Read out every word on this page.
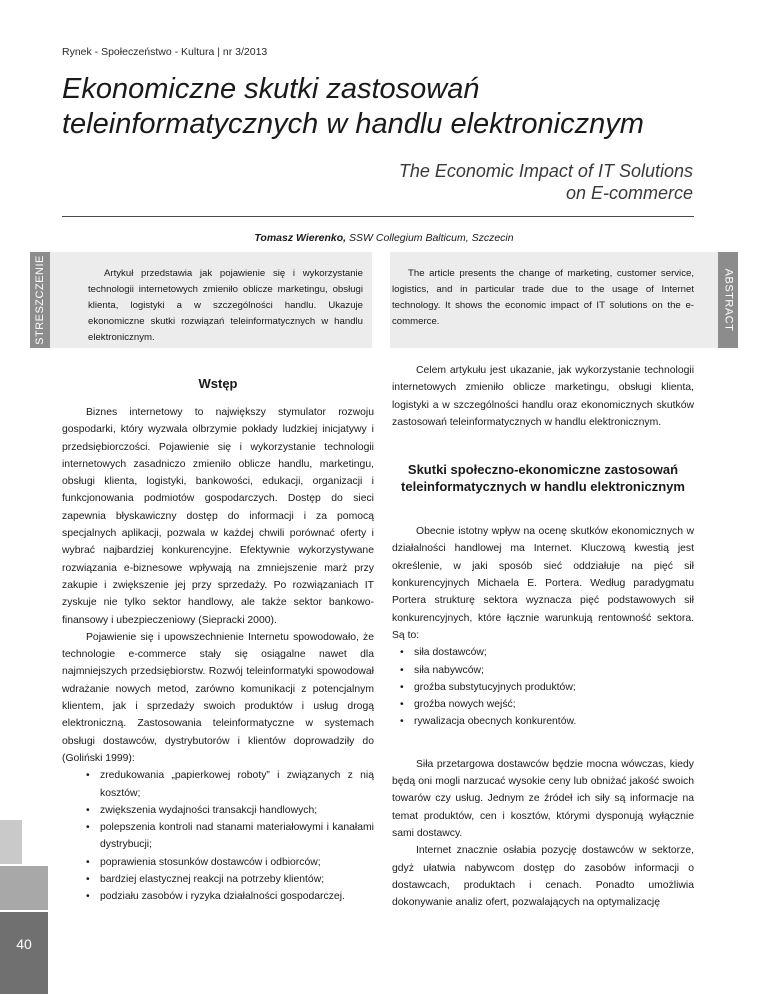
Rynek - Społeczeństwo - Kultura | nr 3/2013
Ekonomiczne skutki zastosowań teleinformatycznych w handlu elektronicznym
The Economic Impact of IT Solutions
on E-commerce
Tomasz Wierenko, SSW Collegium Balticum, Szczecin
STRESZCZENIE	ABSTRACT
Artykuł przedstawia jak pojawienie się i wykorzystanie technologii internetowych zmieniło oblicze marketingu, obsługi klienta, logistyki a w szczególności handlu. Ukazuje ekonomiczne skutki rozwiązań teleinformatycznych w handlu elektronicznym.
The article presents the change of marketing, customer service, logistics, and in particular trade due to the usage of Internet technology. It shows the economic impact of IT solutions on the e-commerce.
Wstęp

Biznes internetowy to największy stymulator rozwoju gospodarki, który wyzwala olbrzymie pokłady ludzkiej inicjatywy i przedsiębiorczości. Pojawienie się i wykorzystanie technologii internetowych zasadniczo zmieniło oblicze handlu, marketingu, obsługi klienta, logistyki, bankowości, edukacji, organizacji i funkcjonowania podmiotów gospodarczych. Dostęp do sieci zapewnia błyskawiczny dostęp do informacji i za pomocą specjalnych aplikacji, pozwala w każdej chwili porównać oferty i wybrać najbardziej konkurencyjne. Efektywnie wykorzystywane rozwiązania e-biznesowe wpływają na zmniejszenie marż przy zakupie i zwiększenie jej przy sprzedaży. Po rozwiązaniach IT zyskuje nie tylko sektor handlowy, ale także sektor bankowo-finansowy i ubezpieczeniowy (Siepracki 2000).

Pojawienie się i upowszechnienie Internetu spowodowało, że technologie e-commerce stały się osiągalne nawet dla najmniejszych przedsiębiorstw. Rozwój teleinformatyki spowodował wdrażanie nowych metod, zarówno komunikacji z potencjalnym klientem, jak i sprzedaży swoich produktów i usług drogą elektroniczną. Zastosowania teleinformatyczne w systemach obsługi dostawców, dystrybutorów i klientów doprowadziły do (Goliński 1999):

• zredukowania „papierkowej roboty” i związanych z nią kosztów;
• zwiększenia wydajności transakcji handlowych;
• polepszenia kontroli nad stanami materiałowymi i kanałami dystrybucji;
• poprawienia stosunków dostawców i odbiorców;
• bardziej elastycznej reakcji na potrzeby klientów;
• podziału zasobów i ryzyka działalności gospodarczej.

Celem artykułu jest ukazanie, jak wykorzystanie technologii internetowych zmieniło oblicze marketingu, obsługi klienta, logistyki a w szczególności handlu oraz ekonomicznych skutków zastosowań teleinformatycznych w handlu elektronicznym.

Skutki społeczno-ekonomiczne zastosowań teleinformatycznych w handlu elektronicznym

Obecnie istotny wpływ na ocenę skutków ekonomicznych w działalności handlowej ma Internet. Kluczową kwestią jest określenie, w jaki sposób sieć oddziałuje na pięć sił konkurencyjnych Michaela E. Portera. Według paradygmatu Portera strukturę sektora wyznacza pięć podstawowych sił konkurencyjnych, które łącznie warunkują rentowność sektora. Są to:

• siła dostawców;
• siła nabywców;
• groźba substytucyjnych produktów;
• groźba nowych wejść;
• rywalizacja obecnych konkurentów.

Siła przetargowa dostawców będzie mocna wówczas, kiedy będą oni mogli narzucać wysokie ceny lub obniżać jakość swoich towarów czy usług. Jednym ze źródeł ich siły są informacje na temat produktów, cen i kosztów, którymi dysponują wyłącznie sami dostawcy.

Internet znacznie osłabia pozycję dostawców w sektorze, gdyż ułatwia nabywcom dostęp do zasobów informacji o dostawcach, produktach i cenach. Ponadto umożliwia dokonywanie analiz ofert, pozwalających na optymalizację

40
